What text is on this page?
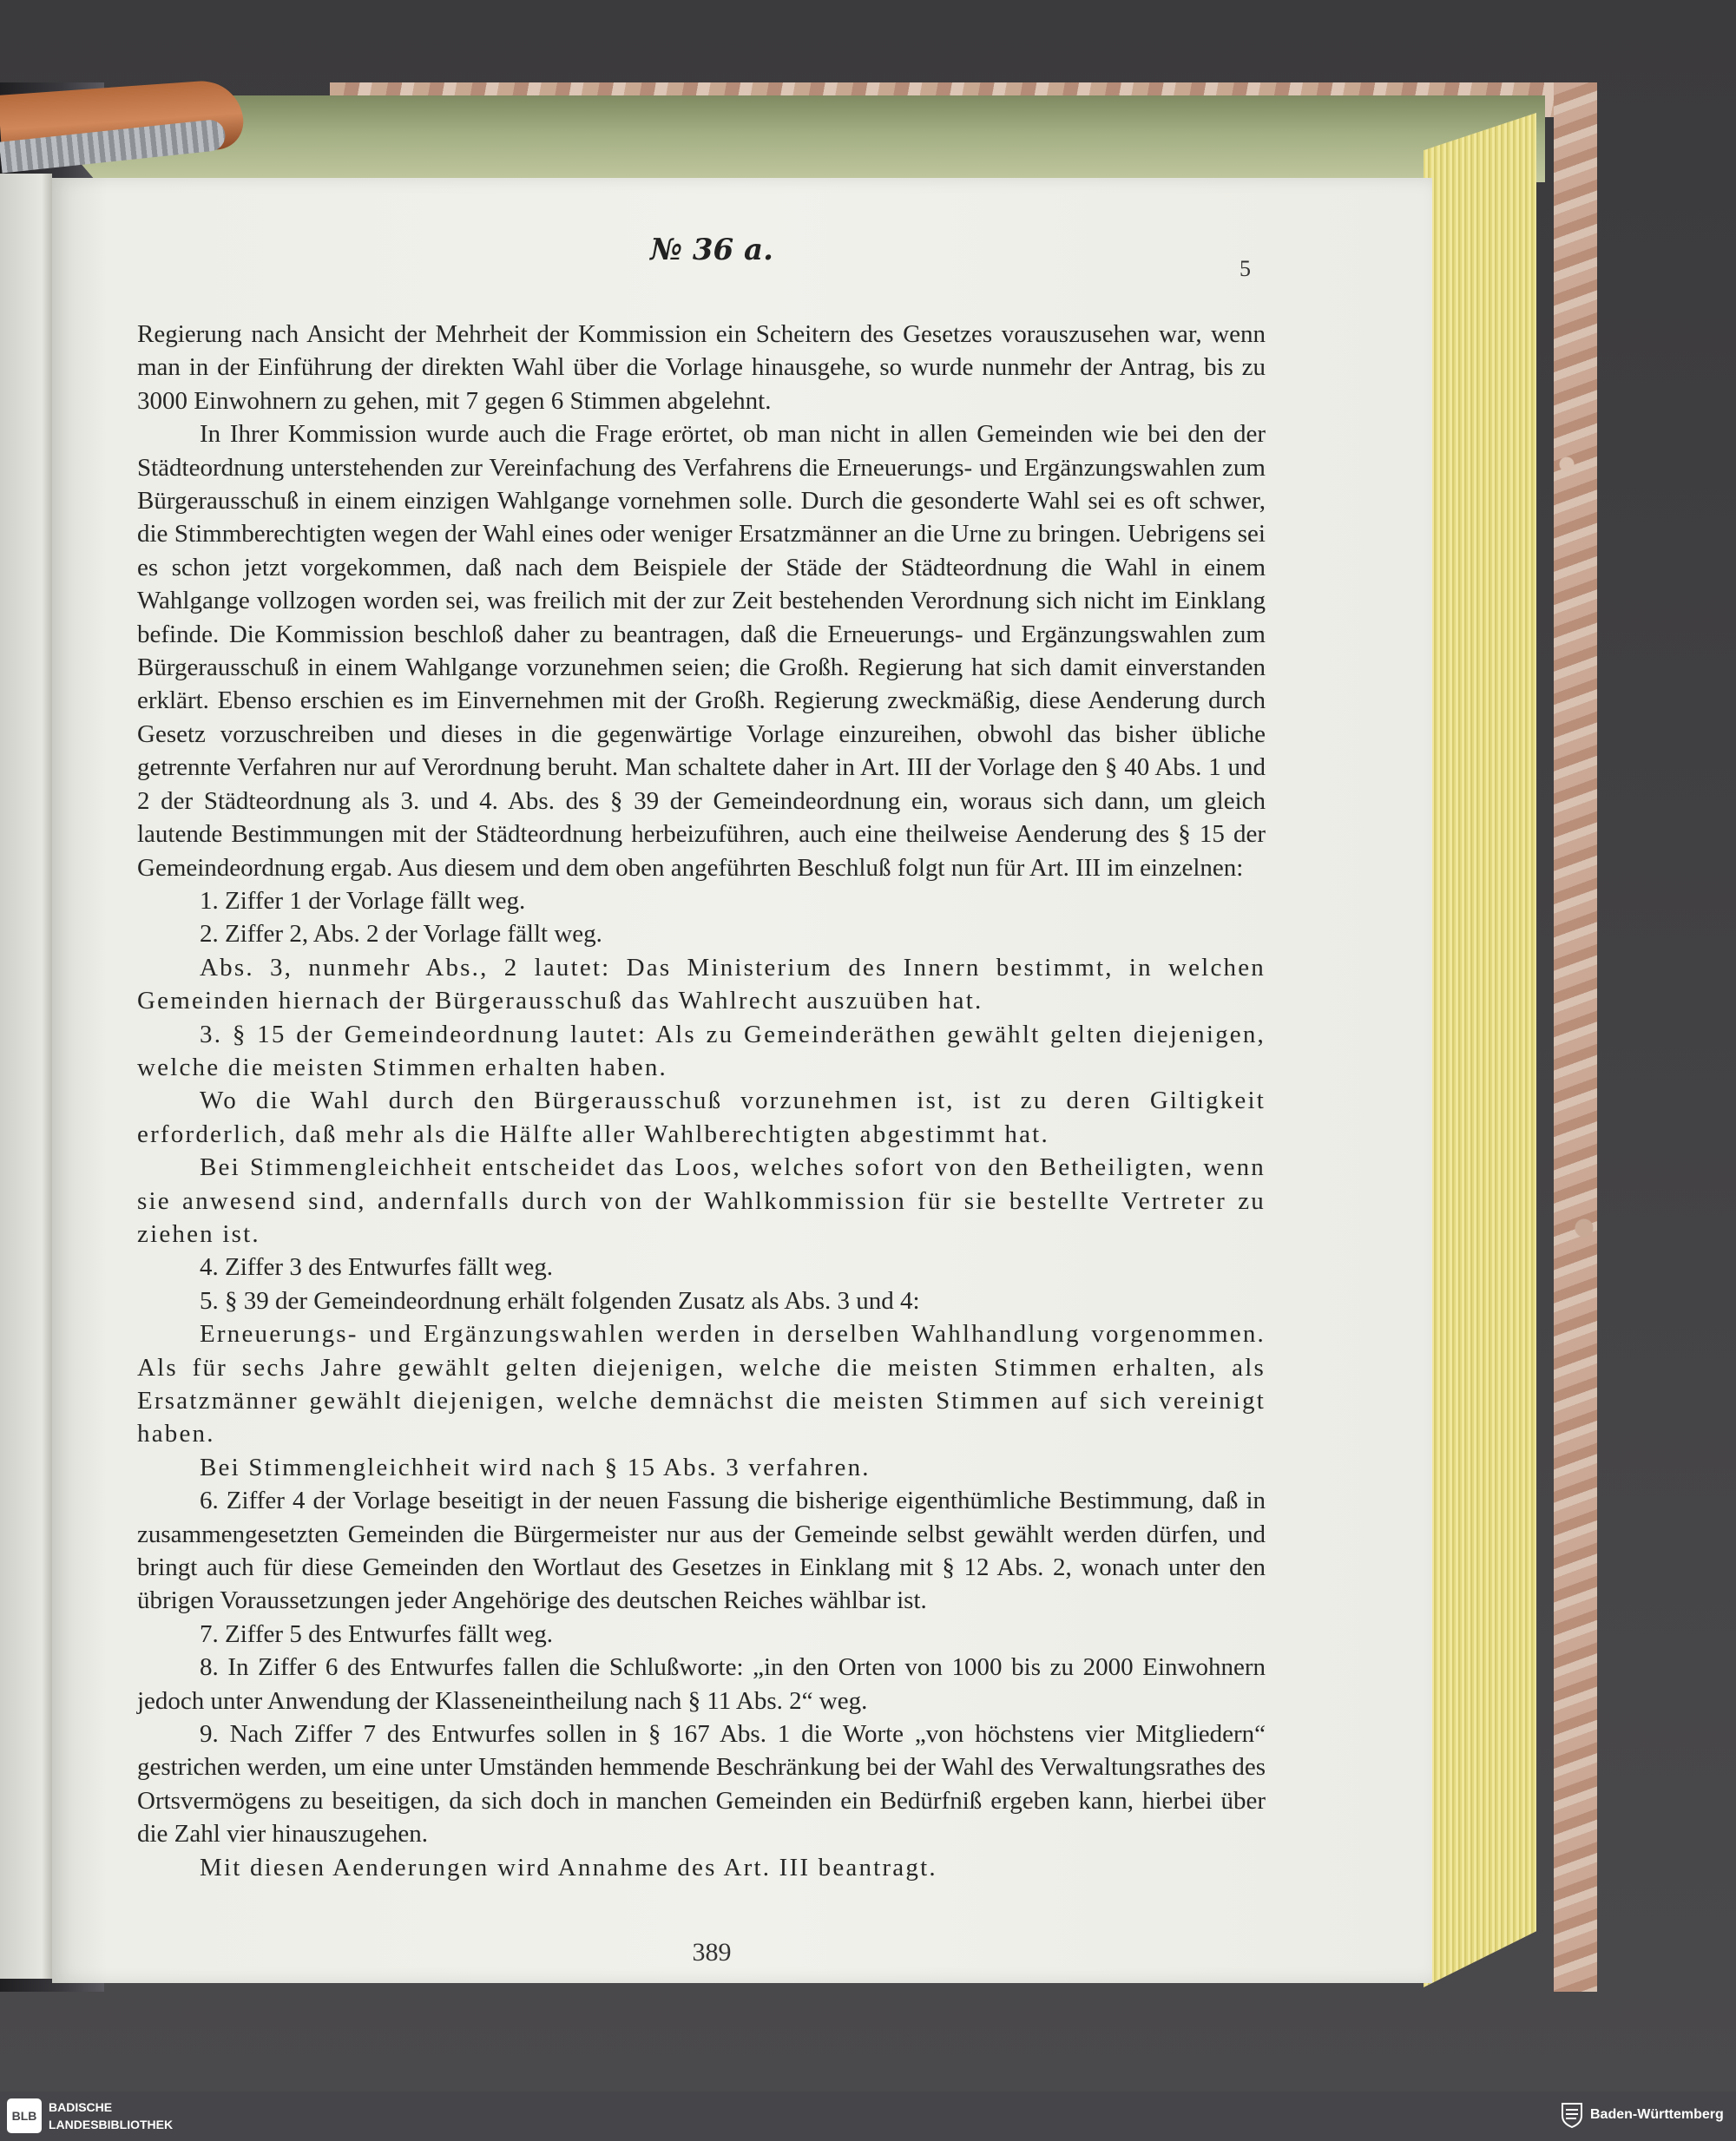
№ 36 a.
5

Regierung nach Ansicht der Mehrheit der Kommission ein Scheitern des Gesetzes vorauszusehen war, wenn man in der Einführung der direkten Wahl über die Vorlage hinausgehe, so wurde nunmehr der Antrag, bis zu 3000 Einwohnern zu gehen, mit 7 gegen 6 Stimmen abgelehnt.

In Ihrer Kommission wurde auch die Frage erörtet, ob man nicht in allen Gemeinden wie bei den der Städteordnung unterstehenden zur Vereinfachung des Verfahrens die Erneuerungs- und Ergänzungswahlen zum Bürgerausschuß in einem einzigen Wahlgange vornehmen solle. Durch die gesonderte Wahl sei es oft schwer, die Stimmberechtigten wegen der Wahl eines oder weniger Ersatzmänner an die Urne zu bringen. Uebrigens sei es schon jetzt vorgekommen, daß nach dem Beispiele der Städe der Städteordnung die Wahl in einem Wahlgange vollzogen worden sei, was freilich mit der zur Zeit bestehenden Verordnung sich nicht im Einklang befinde. Die Kommission beschloß daher zu beantragen, daß die Erneuerungs- und Ergänzungswahlen zum Bürgerausschuß in einem Wahlgange vorzunehmen seien; die Großh. Regierung hat sich damit einverstanden erklärt. Ebenso erschien es im Einvernehmen mit der Großh. Regierung zweckmäßig, diese Aenderung durch Gesetz vorzuschreiben und dieses in die gegenwärtige Vorlage einzureihen, obwohl das bisher übliche getrennte Verfahren nur auf Verordnung beruht. Man schaltete daher in Art. III der Vorlage den § 40 Abs. 1 und 2 der Städteordnung als 3. und 4. Abs. des § 39 der Gemeindeordnung ein, woraus sich dann, um gleich lautende Bestimmungen mit der Städteordnung herbeizuführen, auch eine theilweise Aenderung des § 15 der Gemeindeordnung ergab. Aus diesem und dem oben angeführten Beschluß folgt nun für Art. III im einzelnen:

1. Ziffer 1 der Vorlage fällt weg.

2. Ziffer 2, Abs. 2 der Vorlage fällt weg.

Abs. 3, nunmehr Abs., 2 lautet: Das Ministerium des Innern bestimmt, in welchen Gemeinden hiernach der Bürgerausschuß das Wahlrecht auszuüben hat.

3. § 15 der Gemeindeordnung lautet: Als zu Gemeinderäthen gewählt gelten diejenigen, welche die meisten Stimmen erhalten haben.

Wo die Wahl durch den Bürgerausschuß vorzunehmen ist, ist zu deren Giltigkeit erforderlich, daß mehr als die Hälfte aller Wahlberechtigten abgestimmt hat.

Bei Stimmengleichheit entscheidet das Loos, welches sofort von den Betheiligten, wenn sie anwesend sind, andernfalls durch von der Wahlkommission für sie bestellte Vertreter zu ziehen ist.

4. Ziffer 3 des Entwurfes fällt weg.

5. § 39 der Gemeindeordnung erhält folgenden Zusatz als Abs. 3 und 4:

Erneuerungs- und Ergänzungswahlen werden in derselben Wahlhandlung vorgenommen. Als für sechs Jahre gewählt gelten diejenigen, welche die meisten Stimmen erhalten, als Ersatzmänner gewählt diejenigen, welche demnächst die meisten Stimmen auf sich vereinigt haben.

Bei Stimmengleichheit wird nach § 15 Abs. 3 verfahren.

6. Ziffer 4 der Vorlage beseitigt in der neuen Fassung die bisherige eigenthümliche Bestimmung, daß in zusammengesetzten Gemeinden die Bürgermeister nur aus der Gemeinde selbst gewählt werden dürfen, und bringt auch für diese Gemeinden den Wortlaut des Gesetzes in Einklang mit § 12 Abs. 2, wonach unter den übrigen Voraussetzungen jeder Angehörige des deutschen Reiches wählbar ist.

7. Ziffer 5 des Entwurfes fällt weg.

8. In Ziffer 6 des Entwurfes fallen die Schlußworte: „in den Orten von 1000 bis zu 2000 Einwohnern jedoch unter Anwendung der Klasseneintheilung nach § 11 Abs. 2“ weg.

9. Nach Ziffer 7 des Entwurfes sollen in § 167 Abs. 1 die Worte „von höchstens vier Mitgliedern“ gestrichen werden, um eine unter Umständen hemmende Beschränkung bei der Wahl des Verwaltungsrathes des Ortsvermögens zu beseitigen, da sich doch in manchen Gemeinden ein Bedürfniß ergeben kann, hierbei über die Zahl vier hinauszugehen.

Mit diesen Aenderungen wird Annahme des Art. III beantragt.

389
BLB
BADISCHE
LANDESBIBLIOTHEK
Baden-Württemberg
